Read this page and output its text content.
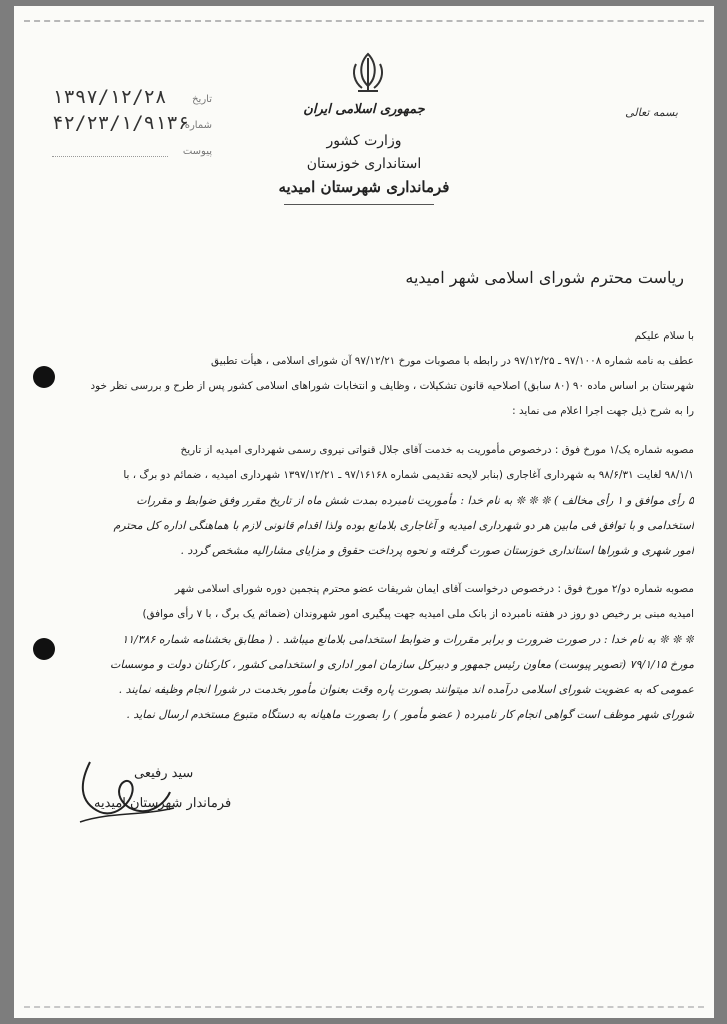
جمهوری اسلامی ایران
وزارت کشور
استانداری خوزستان
فرمانداری شهرستان امیدیه
بسمه تعالی
تاریخ
۱۳۹۷/۱۲/۲۸
شماره
۴۲/۲۳/۱/۹۱۳۶
پیوست
ریاست محترم شورای اسلامی شهر امیدیه

با سلام علیکم

عطف به نامه شماره ۹۷/۱۰۰۸ ـ ۹۷/۱۲/۲۵ در رابطه با مصوبات مورخ ۹۷/۱۲/۲۱ آن شورای اسلامی ، هیأت تطبیق

شهرستان بر اساس ماده ۹۰ (۸۰ سابق) اصلاحیه قانون تشکیلات ، وظایف و انتخابات شوراهای اسلامی کشور پس از طرح و بررسی نظر خود

را به شرح ذیل جهت اجرا اعلام می نماید :

مصوبه شماره یک/۱ مورخ فوق : درخصوص مأموریت به خدمت آقای جلال قنواتی نیروی رسمی شهرداری امیدیه از تاریخ

۹۸/۱/۱ لغایت ۹۸/۶/۳۱ به شهرداری آغاجاری (بنابر لایحه تقدیمی شماره ۹۷/۱۶۱۶۸ ـ ۱۳۹۷/۱۲/۲۱ شهرداری امیدیه ، ضمائم دو برگ ، با

۵ رأی موافق و ۱ رأی مخالف ) ❊ ❊ ❊ به نام خدا : مأموریت نامبرده بمدت شش ماه از تاریخ مقرر وفق ضوابط و مقررات

استخدامی و با توافق فی مابین هر دو شهرداری امیدیه و آغاجاری بلامانع بوده ولذا اقدام قانونی لازم با هماهنگی اداره کل محترم

امور شهری و شوراها استانداری خوزستان صورت گرفته و نحوه پرداخت حقوق و مزایای مشارالیه مشخص گردد .

مصوبه شماره دو/۲ مورخ فوق : درخصوص درخواست آقای ایمان شریفات عضو محترم پنجمین دوره شورای اسلامی شهر

امیدیه مبنی بر رخیص دو روز در هفته نامبرده از بانک ملی امیدیه جهت پیگیری امور شهروندان (ضمائم یک برگ ، با ۷ رأی موافق)

❊ ❊ ❊ به نام خدا : در صورت ضرورت و برابر مقررات و ضوابط استخدامی بلامانع میباشد . ( مطابق بخشنامه شماره ۱۱/۳۸۶

مورخ ۷۹/۱/۱۵ (تصویر پیوست) معاون رئیس جمهور و دبیرکل سازمان امور اداری و استخدامی کشور ، کارکنان دولت و موسسات

عمومی که به عضویت شورای اسلامی درآمده اند میتوانند بصورت پاره وقت بعنوان مأمور بخدمت در شورا انجام وظیفه نمایند .

شورای شهر موظف است گواهی انجام کار نامبرده ( عضو مأمور ) را بصورت ماهیانه به دستگاه متبوع مستخدم ارسال نماید .

سید رفیعی
فرماندار شهرستان امیدیه
